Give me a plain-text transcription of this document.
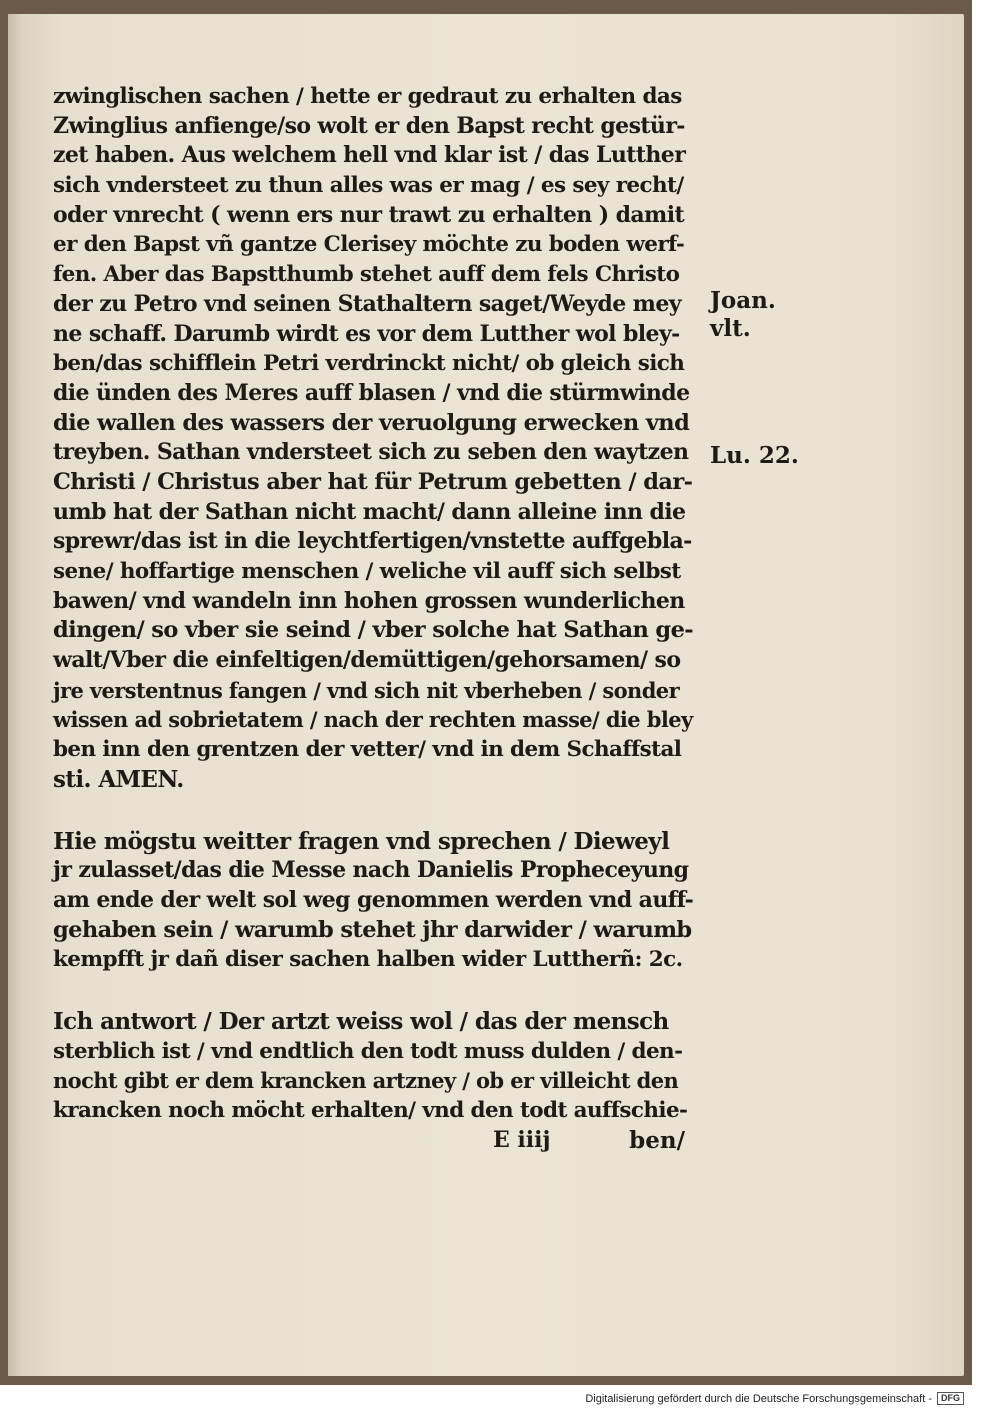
zwinglischen sachen / hette er gedraut zu erhalten das
Zwinglius anfienge/so wolt er den Bapst recht gestür-
zet haben. Aus welchem hell vnd klar ist / das Lutther
sich vndersteet zu thun alles was er mag / es sey recht/
oder vnrecht ( wenn ers nur trawt zu erhalten ) damit
er den Bapst vñ gantze Clerisey möchte zu boden werf-
fen. Aber das Bapstthumb stehet auff dem fels Christo
der zu Petro vnd seinen Stathaltern saget/Weyde mey
ne schaff. Darumb wirdt es vor dem Lutther wol bley-
ben/das schifflein Petri verdrinckt nicht/ ob gleich sich
die ünden des Meres auff blasen / vnd die stürmwinde
die wallen des wassers der veruolgung erwecken vnd
treyben. Sathan vndersteet sich zu seben den waytzen
Christi / Christus aber hat für Petrum gebetten / dar-
umb hat der Sathan nicht macht/ dann alleine inn die
sprewr/das ist in die leychtfertigen/vnstette auffgebla-
sene/ hoffartige menschen / weliche vil auff sich selbst
bawen/ vnd wandeln inn hohen grossen wunderlichen
dingen/ so vber sie seind / vber solche hat Sathan ge-
walt/Vber die einfeltigen/demüttigen/gehorsamen/ so
jre verstentnus fangen / vnd sich nit vberheben / sonder
wissen ad sobrietatem / nach der rechten masse/ die bley
ben inn den grentzen der vetter/ vnd in dem Schaffstal
sti. AMEN.
Hie mögstu weitter fragen vnd sprechen / Dieweyl
jr zulasset/das die Messe nach Danielis Propheceyung
am ende der welt sol weg genommen werden vnd auff-
gehaben sein / warumb stehet jhr darwider / warumb
kempfft jr dañ diser sachen halben wider Luttherñ: 2c.
Ich antwort / Der artzt weiss wol / das der mensch
sterblich ist / vnd endtlich den todt muss dulden / den-
nocht gibt er dem krancken artzney / ob er villeicht den
krancken noch möcht erhalten/ vnd den todt auffschie-
E iiij	ben/
Joan.
vlt.
Lu. 22.
Digitalisierung gefördert durch die Deutsche Forschungsgemeinschaft -	DFG
